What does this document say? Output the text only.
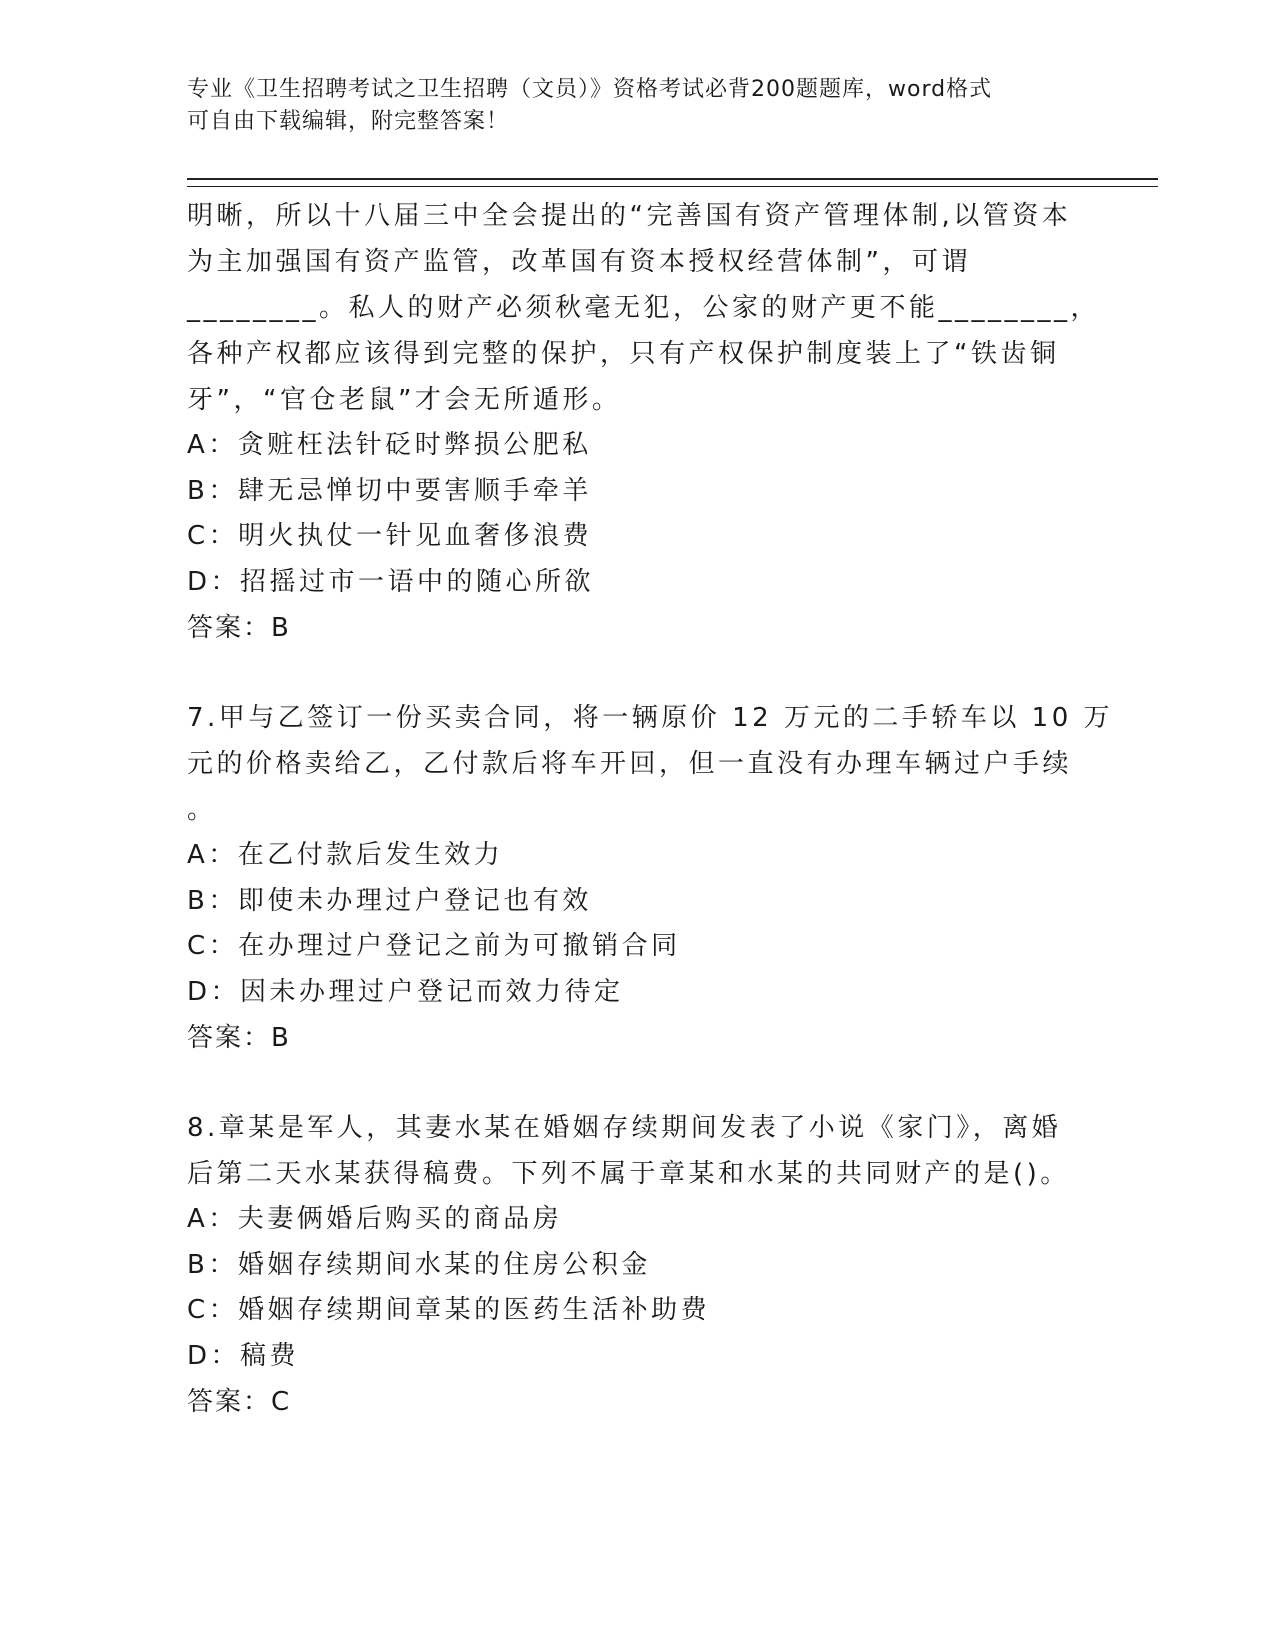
专业《卫生招聘考试之卫生招聘（文员）》资格考试必背200题题库，word格式
可自由下载编辑，附完整答案！
明晰，所以十八届三中全会提出的“完善国有资产管理体制,以管资本
为主加强国有资产监管，改革国有资本授权经营体制”，可谓
________。私人的财产必须秋毫无犯，公家的财产更不能________，
各种产权都应该得到完整的保护，只有产权保护制度装上了“铁齿铜
牙”，“官仓老鼠”才会无所遁形。
A：贪赃枉法针砭时弊损公肥私
B：肆无忌惮切中要害顺手牵羊
C：明火执仗一针见血奢侈浪费
D：招摇过市一语中的随心所欲
答案：B
7.甲与乙签订一份买卖合同，将一辆原价 12 万元的二手轿车以 10 万
元的价格卖给乙，乙付款后将车开回，但一直没有办理车辆过户手续
。
A：在乙付款后发生效力
B：即使未办理过户登记也有效
C：在办理过户登记之前为可撤销合同
D：因未办理过户登记而效力待定
答案：B
8.章某是军人，其妻水某在婚姻存续期间发表了小说《家门》，离婚
后第二天水某获得稿费。下列不属于章某和水某的共同财产的是()。
A：夫妻俩婚后购买的商品房
B：婚姻存续期间水某的住房公积金
C：婚姻存续期间章某的医药生活补助费
D：稿费
答案：C
